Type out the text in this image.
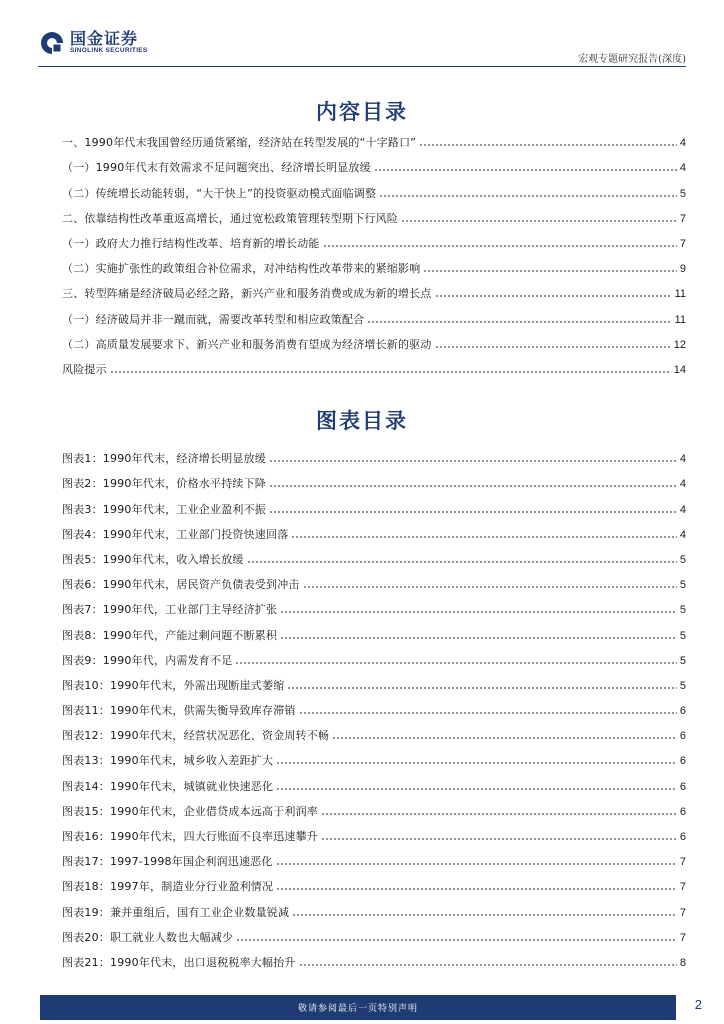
国金证券
SINOLINK SECURITIES
宏观专题研究报告(深度)
内容目录
一、1990年代末我国曾经历通货紧缩，经济站在转型发展的“十字路口”	4
（一）1990年代末有效需求不足问题突出、经济增长明显放缓	4
（二）传统增长动能转弱，“大干快上”的投资驱动模式面临调整	5
二、依靠结构性改革重返高增长，通过宽松政策管理转型期下行风险	7
（一）政府大力推行结构性改革、培育新的增长动能	7
（二）实施扩张性的政策组合补位需求，对冲结构性改革带来的紧缩影响	9
三、转型阵痛是经济破局必经之路，新兴产业和服务消费或成为新的增长点	11
（一）经济破局并非一蹴而就，需要改革转型和相应政策配合	11
（二）高质量发展要求下、新兴产业和服务消费有望成为经济增长新的驱动	12
风险提示	14
图表目录
图表1：1990年代末，经济增长明显放缓	4
图表2：1990年代末，价格水平持续下降	4
图表3：1990年代末，工业企业盈利不振	4
图表4：1990年代末，工业部门投资快速回落	4
图表5：1990年代末，收入增长放缓	5
图表6：1990年代末，居民资产负债表受到冲击	5
图表7：1990年代，工业部门主导经济扩张	5
图表8：1990年代，产能过剩问题不断累积	5
图表9：1990年代，内需发育不足	5
图表10：1990年代末，外需出现断崖式萎缩	5
图表11：1990年代末，供需失衡导致库存滞销	6
图表12：1990年代末，经营状况恶化、资金周转不畅	6
图表13：1990年代末，城乡收入差距扩大	6
图表14：1990年代末，城镇就业快速恶化	6
图表15：1990年代末，企业借贷成本远高于利润率	6
图表16：1990年代末，四大行账面不良率迅速攀升	6
图表17：1997-1998年国企利润迅速恶化	7
图表18：1997年，制造业分行业盈利情况	7
图表19：兼并重组后，国有工业企业数量锐减	7
图表20：职工就业人数也大幅减少	7
图表21：1990年代末，出口退税税率大幅抬升	8
敬请参阅最后一页特别声明	2
